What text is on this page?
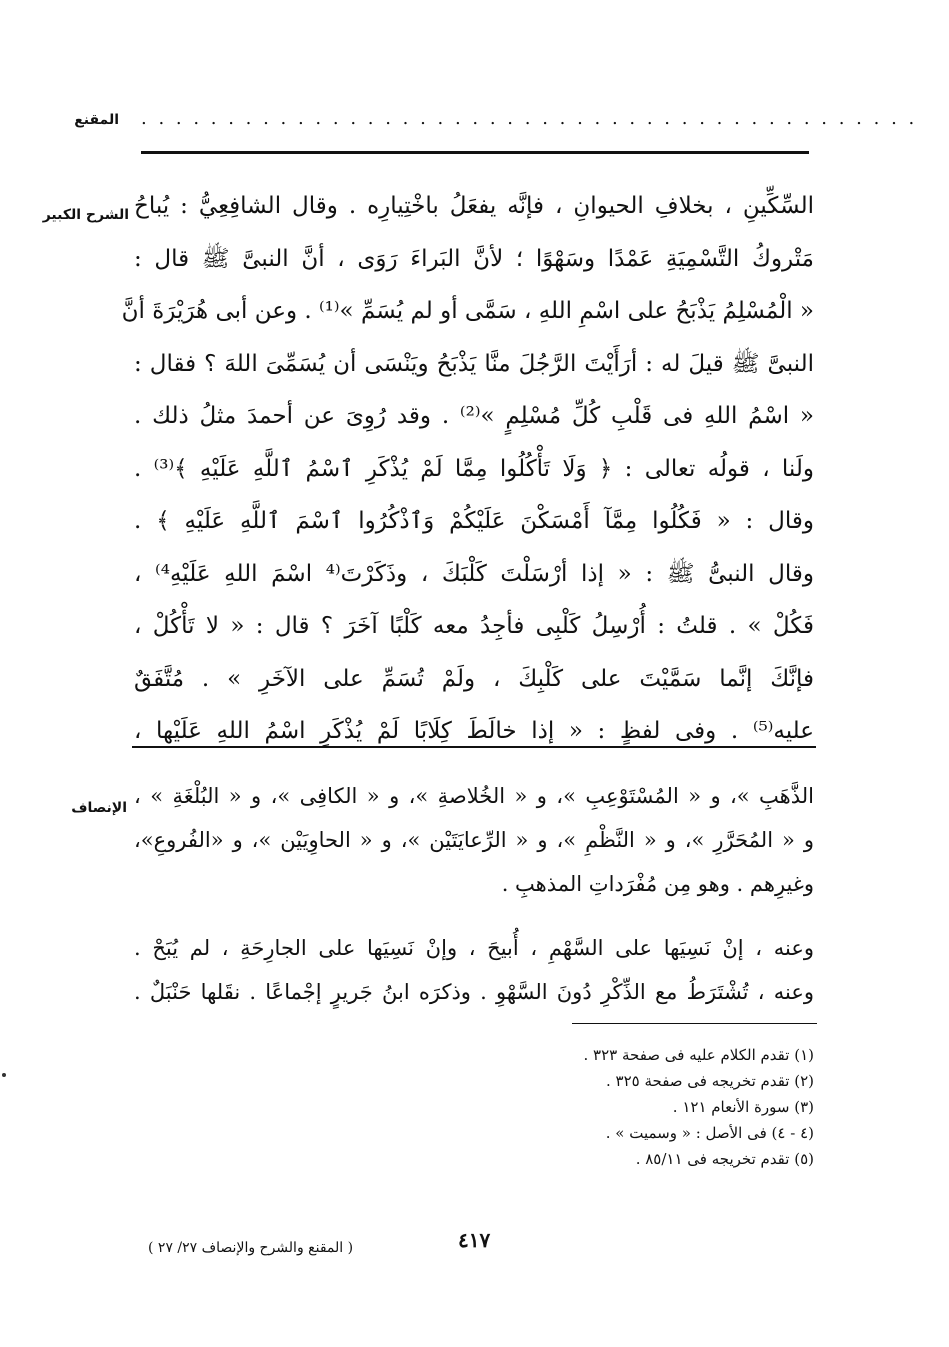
المقنع . . . . . . . . . . . . . . . . . . . . . . . . . . . . . . . . . . . . . . . . . . . . .
الشرح الكبير السِّكِّينِ ، بخلافِ الحيوانِ ، فإنَّه يفعَلُ باخْتِيارِه . وقال الشافِعِيُّ : يُباحُ
مَتْروكُ التَّسْمِيَةِ عَمْدًا وسَهْوًا ؛ لأنَّ البَراءَ رَوَى ، أنَّ النبىَّ ﷺ قال :
« الْمُسْلِمُ يَذْبَحُ على اسْمِ اللهِ ، سَمَّى أو لم يُسَمِّ »⁽¹⁾ . وعن أبى هُرَيْرَةَ أنَّ
النبىَّ ﷺ قيلَ له : أرَأَيْتَ الرَّجُلَ منَّا يَذْبَحُ ويَنْسَى أن يُسَمِّىَ اللهَ ؟ فقال :
« اسْمُ اللهِ فى قَلْبِ كُلِّ مُسْلِمٍ »⁽²⁾ . وقد رُوِىَ عن أحمدَ مثلُ ذلك .
ولَنا ، قولُه تعالى : ﴿ وَلَا تَأْكُلُوا مِمَّا لَمْ يُذْكَرِ ٱسْمُ ٱللَّهِ عَلَيْهِ ﴾⁽³⁾ .
وقال : « فَكُلُوا مِمَّآ أَمْسَكْنَ عَلَيْكُمْ وَٱذْكُرُوا ٱسْمَ ٱللَّهِ عَلَيْهِ ﴾ .
وقال النبىُّ ﷺ : « إذا أرْسَلْتَ كَلْبَكَ ، وذَكَرْتَ⁽⁴ اسْمَ اللهِ عَلَيْهِ⁴⁾ ،
فَكُلْ » . قلتُ : أُرْسِلُ كَلْبِى فأجِدُ معه كَلْبًا آخَرَ ؟ قال : « لا تَأْكُلْ ،
فإنَّكَ إنَّما سَمَّيْتَ على كَلْبِكَ ، ولَمْ تُسَمِّ على الآخَرِ » . مُتَّفَقٌ
عليه⁽⁵⁾ . وفى لفظٍ : « إذا خالَطَ كِلَابًا لَمْ يُذْكَرِ اسْمُ اللهِ عَلَيْها ،
الإنصاف الذَّهَبِ »، و « المُسْتَوْعِبِ »، و « الخُلاصةِ »، و « الكافِى »، و « البُلْغَةِ » ،
و « المُحَرَّرِ »، و « النَّظْمِ »، و « الرِّعايَتَيْن »، و « الحاوِيَيْن »، و «الفُروعِ»،
وغيرِهم . وهو مِن مُفْرَداتِ المذهبِ .
وعنه ، إنْ نَسِيَها على السَّهْمِ ، أُبيحَ ، وإنْ نَسِيَها على الجارِحَةِ ، لم يُبَحْ .
وعنه ، تُشْتَرَطُ مع الذِّكْرِ دُونَ السَّهْوِ . وذكرَه ابنُ جَريرٍ إجْماعًا . نقَلها حَنْبَلٌ .
(١) تقدم الكلام عليه فى صفحة ٣٢٣ .
(٢) تقدم تخريجه فى صفحة ٣٢٥ .
(٣) سورة الأنعام ١٢١ .
(٤ - ٤) فى الأصل : « وسميت » .
(٥) تقدم تخريجه فى ٨٥/١١ .
٤١٧
( المقنع والشرح والإنصاف ٢٧/ ٢٧ )
